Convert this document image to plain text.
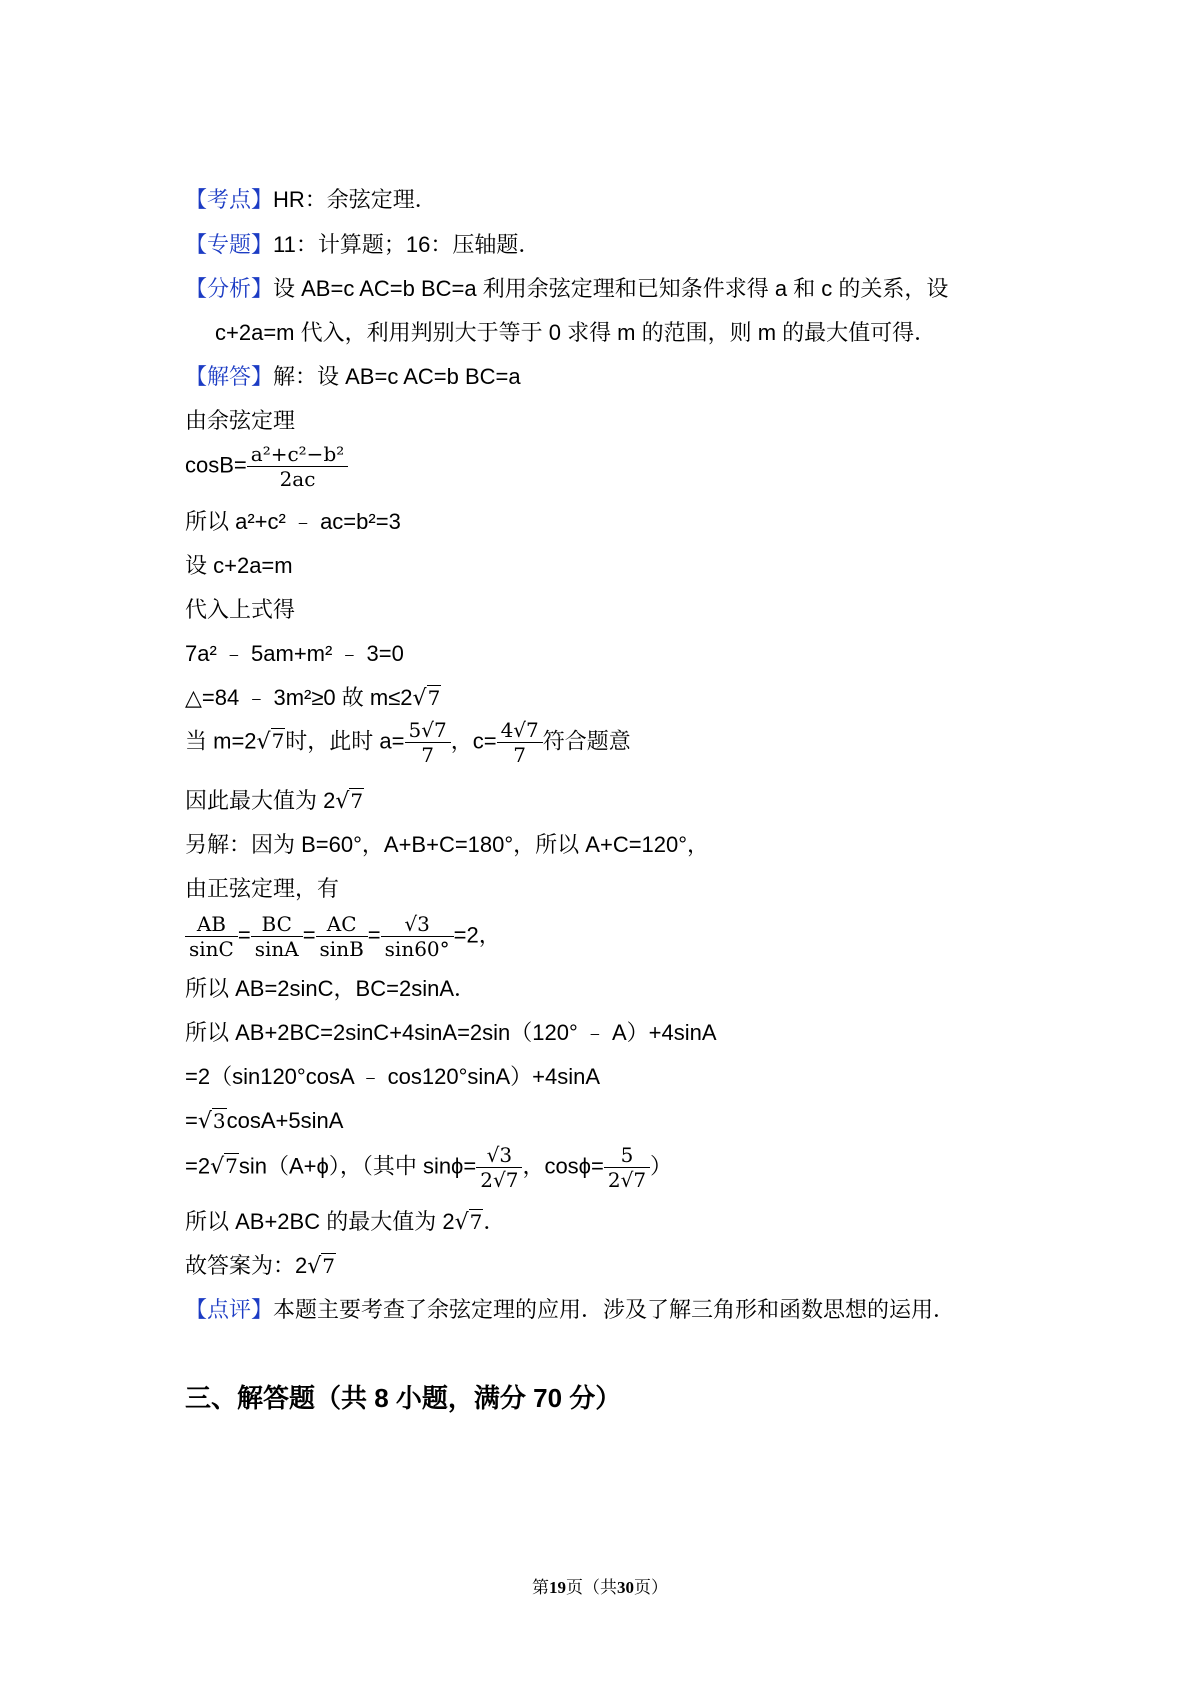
【考点】HR：余弦定理．
【专题】11：计算题；16：压轴题．
【分析】设 AB=c AC=b BC=a 利用余弦定理和已知条件求得 a 和 c 的关系，设
c+2a=m 代入，利用判别大于等于 0 求得 m 的范围，则 m 的最大值可得．
【解答】解：设 AB=c AC=b BC=a
由余弦定理
$\cos B= \frac{\text{a²+c²−b²}}{2ac}$
所以 a²+c² ﹣ ac=b²=3
设 c+2a=m
代入上式得
7a² ﹣ 5am+m² ﹣ 3=0
△=84 ﹣ 3m²≥0 故 m≤2√7
当 m=2√7时，此时 $a= \frac{5√7}{7}$ ，$c= \frac{4√7}{7}$ 符合题意
因此最大值为 2√7
另解：因为 B=60°，A+B+C=180°，所以 A+C=120°，
由正弦定理，有
$\frac{AB}{\sin C} = \frac{BC}{\sin A} = \frac{AC}{\sin B} = \frac{√3}{\sin 60^\circ} =2$，
所以 AB=2sinC，BC=2sinA．
所以 AB+2BC=2sinC+4sinA=2sin（120° ﹣ A）+4sinA
=2（sin120°cosA ﹣ cos120°sinA）+4sinA
=√3cosA+5sinA
=2√7sin（A+ϕ），（其中 $\sin\phi= \frac{√3}{2√7}$ ，$\cos\phi= \frac{5}{2√7}$ ）
所以 AB+2BC 的最大值为 2√7．
故答案为：2√7
【点评】本题主要考查了余弦定理的应用．涉及了解三角形和函数思想的运用．
三、解答题（共 8 小题，满分 70 分）
第19页（共30页）
